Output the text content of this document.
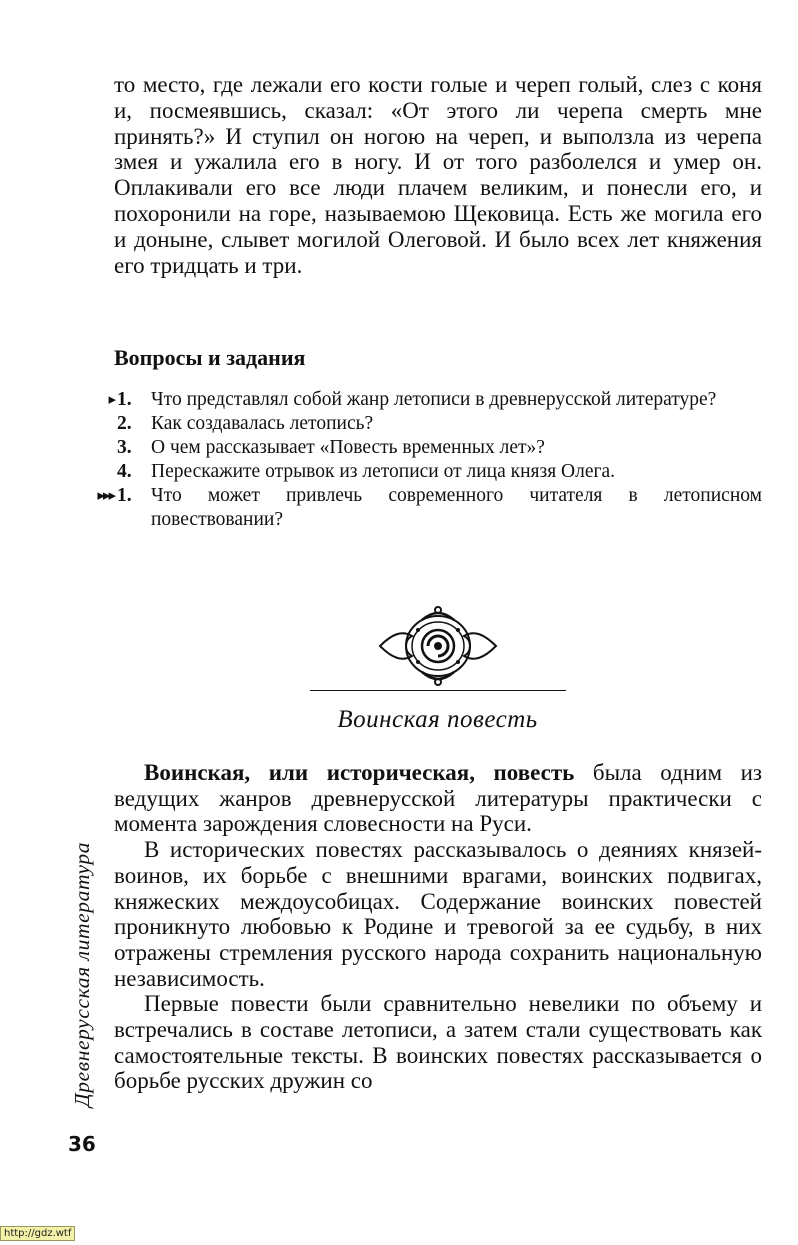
то место, где лежали его кости голые и череп голый, слез с коня и, посмеявшись, сказал: «От этого ли черепа смерть мне принять?» И ступил он ногою на череп, и выползла из черепа змея и ужалила его в ногу. И от того разболелся и умер он. Оплакивали его все люди плачем великим, и понесли его, и похоронили на горе, называемою Щековица. Есть же могила его и доныне, слывет могилой Олеговой. И было всех лет княжения его тридцать и три.

Вопросы и задания
▸ 1. Что представлял собой жанр летописи в древнерусской литературе?
2. Как создавалась летопись?
3. О чем рассказывает «Повесть временных лет»?
4. Перескажите отрывок из летописи от лица князя Олега.
▸▸▸ 1. Что может привлечь современного читателя в летописном повествовании?
Воинская повесть
Воинская, или историческая, повесть была одним из ведущих жанров древнерусской литературы практически с момента зарождения словесности на Руси.
В исторических повестях рассказывалось о деяниях князей-воинов, их борьбе с внешними врагами, воинских подвигах, княжеских междоусобицах. Содержание воинских повестей проникнуто любовью к Родине и тревогой за ее судьбу, в них отражены стремления русского народа сохранить национальную независимость.
Первые повести были сравнительно невелики по объему и встречались в составе летописи, а затем стали существовать как самостоятельные тексты. В воинских повестях рассказывается о борьбе русских дружин со
Древнерусская литература
36
http://gdz.wtf
